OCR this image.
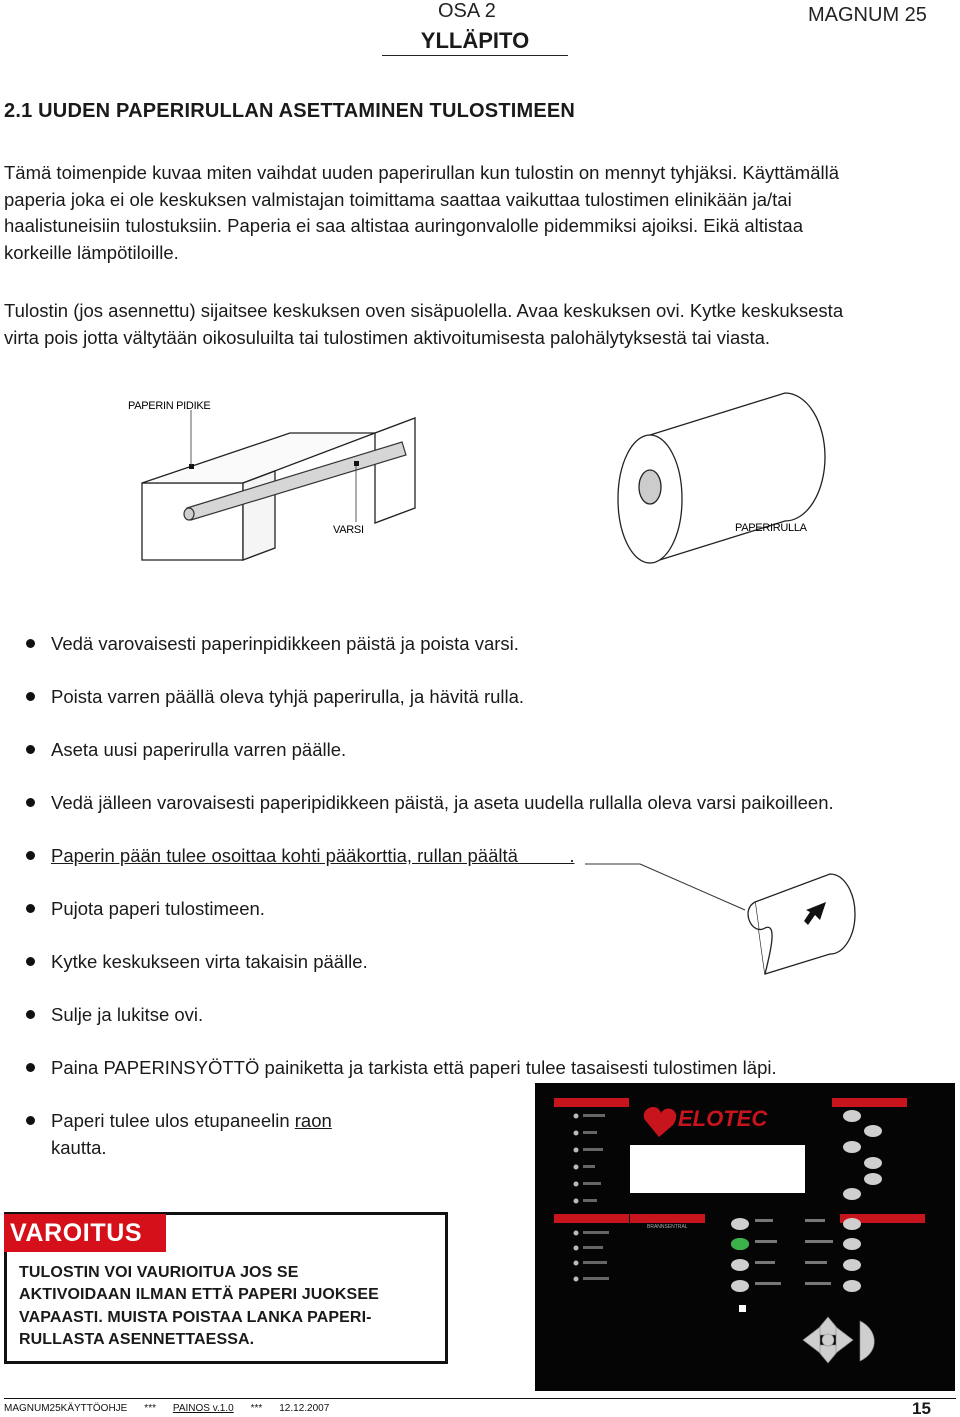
OSA 2
YLLÄPITO
MAGNUM 25
2.1 UUDEN PAPERIRULLAN ASETTAMINEN TULOSTIMEEN
Tämä toimenpide kuvaa miten vaihdat uuden paperirullan kun tulostin on mennyt tyhjäksi. Käyttämällä
paperia joka ei ole keskuksen valmistajan toimittama saattaa vaikuttaa tulostimen elinikään ja/tai
haalistuneisiin tulostuksiin. Paperia ei saa altistaa auringonvalolle pidemmiksi ajoiksi. Eikä altistaa
korkeille lämpötiloille.
Tulostin (jos asennettu) sijaitsee keskuksen oven sisäpuolella. Avaa keskuksen ovi. Kytke keskuksesta
virta pois jotta vältytään oikosuluilta tai tulostimen aktivoitumisesta palohälytyksestä tai viasta.
PAPERIN PIDIKE
VARSI	PAPERIRULLA
Vedä varovaisesti paperinpidikkeen päistä ja poista varsi.
Poista varren päällä oleva tyhjä paperirulla, ja hävitä rulla.
Aseta uusi paperirulla varren päälle.
Vedä jälleen varovaisesti paperipidikkeen päistä, ja aseta uudella rullalla oleva varsi paikoilleen.
Paperin pään tulee osoittaa kohti pääkorttia, rullan päältä          .
Pujota paperi tulostimeen.
Kytke keskukseen virta takaisin päälle.
Sulje ja lukitse ovi.
Paina PAPERINSYÖTTÖ painiketta ja tarkista että paperi tulee tasaisesti tulostimen läpi.
Paperi tulee ulos etupaneelin raon
kautta.
VAROITUS
TULOSTIN VOI VAURIOITUA JOS SE
AKTIVOIDAAN ILMAN ETTÄ PAPERI JUOKSEE
VAPAASTI. MUISTA POISTAA LANKA PAPERI-
RULLASTA ASENNETTAESSA.
ELOTEC
MAGNUM 25
BRANNSENTRAL
MAGNUM25KÄYTTÖOHJE *** PAINOS v.1.0 *** 12.12.2007	15
